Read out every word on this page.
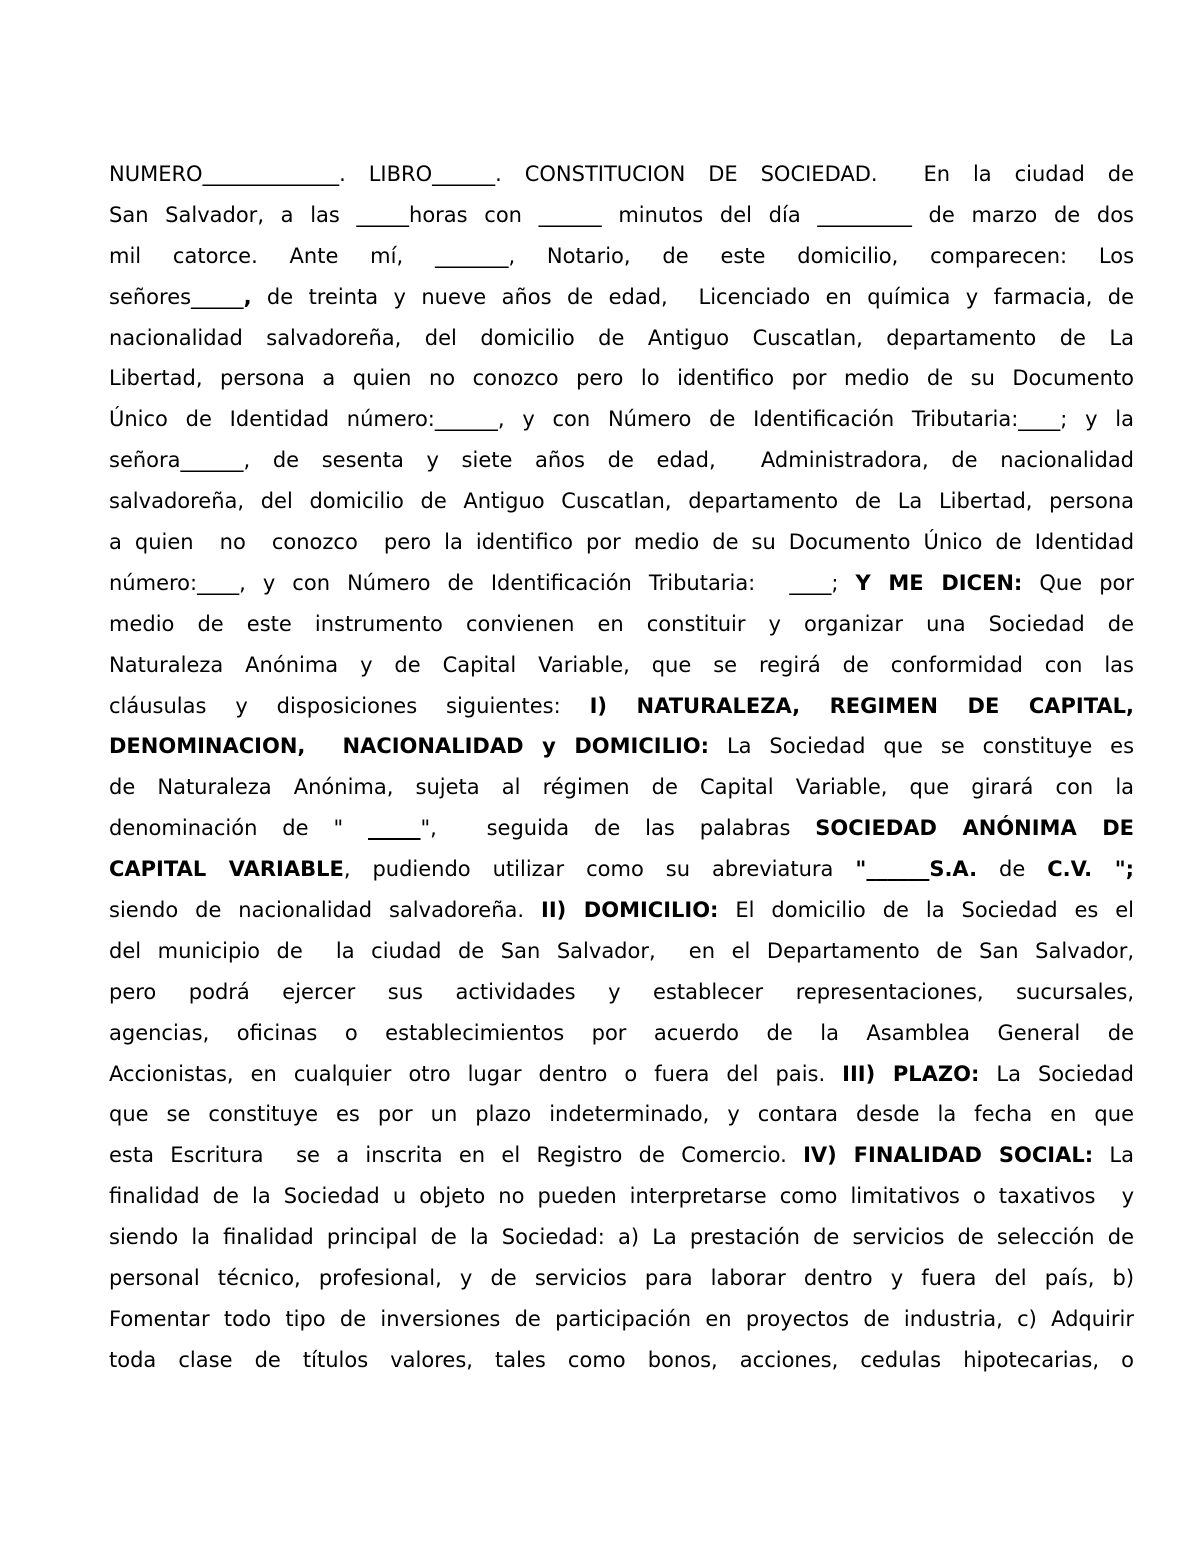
NUMERO_____________. LIBRO______. CONSTITUCION DE SOCIEDAD.  En la ciudad de
San Salvador, a las _____horas con ______ minutos del día _________ de marzo de dos
mil catorce. Ante mí, _______, Notario, de este domicilio, comparecen: Los
señores_____, de treinta y nueve años de edad,  Licenciado en química y farmacia, de
nacionalidad salvadoreña, del domicilio de Antiguo Cuscatlan, departamento de La
Libertad, persona a quien no conozco pero lo identifico por medio de su Documento
Único de Identidad número:______, y con Número de Identificación Tributaria:____; y la
señora______, de sesenta y siete años de edad,  Administradora, de nacionalidad
salvadoreña, del domicilio de Antiguo Cuscatlan, departamento de La Libertad, persona
a quien  no  conozco  pero la identifico por medio de su Documento Único de Identidad
número:____, y con Número de Identificación Tributaria:  ____; Y ME DICEN: Que por
medio de este instrumento convienen en constituir y organizar una Sociedad de
Naturaleza Anónima y de Capital Variable, que se regirá de conformidad con las
cláusulas y disposiciones siguientes: I) NATURALEZA, REGIMEN DE CAPITAL,
DENOMINACION,  NACIONALIDAD y DOMICILIO: La Sociedad que se constituye es
de Naturaleza Anónima, sujeta al régimen de Capital Variable, que girará con la
denominación de " _____",  seguida de las palabras SOCIEDAD ANÓNIMA DE
CAPITAL VARIABLE, pudiendo utilizar como su abreviatura "______S.A. de C.V. ";
siendo de nacionalidad salvadoreña. II) DOMICILIO: El domicilio de la Sociedad es el
del municipio de  la ciudad de San Salvador,  en el Departamento de San Salvador,
pero podrá ejercer sus actividades y establecer representaciones, sucursales,
agencias, oficinas o establecimientos por acuerdo de la Asamblea General de
Accionistas, en cualquier otro lugar dentro o fuera del pais. III) PLAZO: La Sociedad
que se constituye es por un plazo indeterminado, y contara desde la fecha en que
esta Escritura  se a inscrita en el Registro de Comercio. IV) FINALIDAD SOCIAL: La
finalidad de la Sociedad u objeto no pueden interpretarse como limitativos o taxativos  y
siendo la finalidad principal de la Sociedad: a) La prestación de servicios de selección de
personal técnico, profesional, y de servicios para laborar dentro y fuera del país, b)
Fomentar todo tipo de inversiones de participación en proyectos de industria, c) Adquirir
toda clase de títulos valores, tales como bonos, acciones, cedulas hipotecarias, o
